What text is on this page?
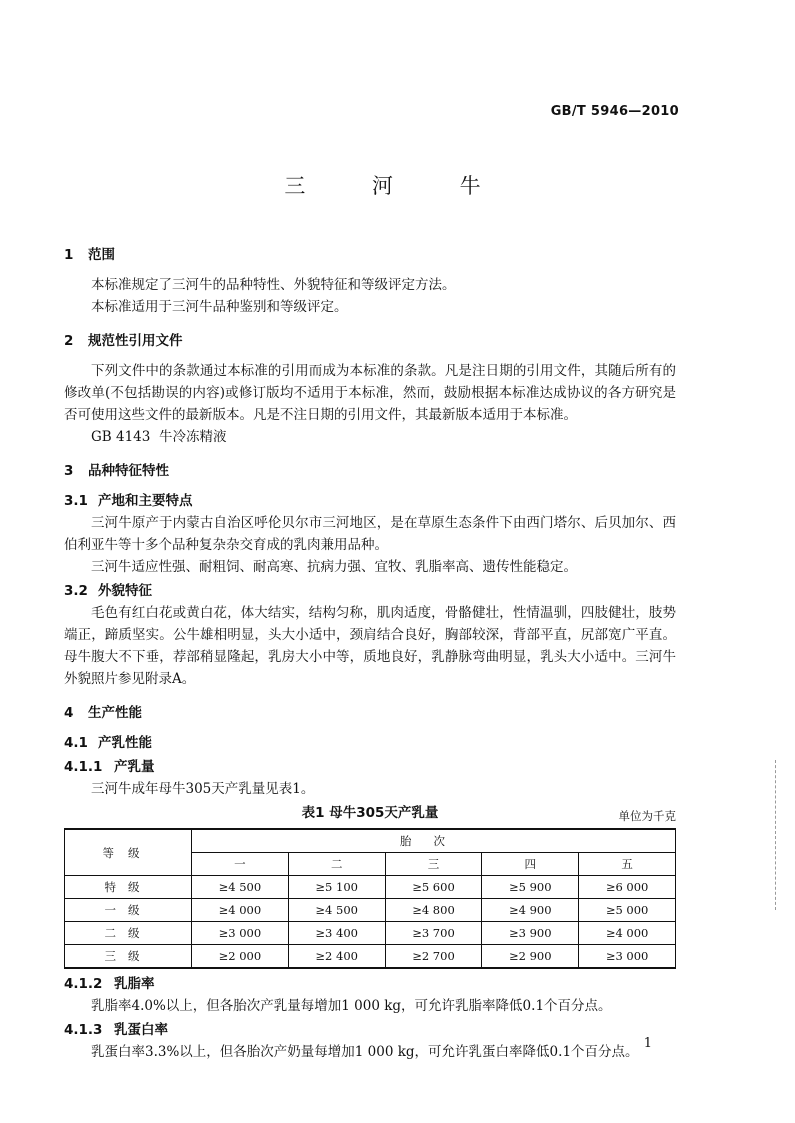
GB/T 5946—2010
三 河 牛
1 范围

本标准规定了三河牛的品种特性、外貌特征和等级评定方法。

本标准适用于三河牛品种鉴别和等级评定。

2 规范性引用文件

下列文件中的条款通过本标准的引用而成为本标准的条款。凡是注日期的引用文件，其随后所有的修改单(不包括勘误的内容)或修订版均不适用于本标准，然而，鼓励根据本标准达成协议的各方研究是否可使用这些文件的最新版本。凡是不注日期的引用文件，其最新版本适用于本标准。

GB 4143 牛冷冻精液
3 品种特征特性
3.1 产地和主要特点

三河牛原产于内蒙古自治区呼伦贝尔市三河地区，是在草原生态条件下由西门塔尔、后贝加尔、西伯利亚牛等十多个品种复杂杂交育成的乳肉兼用品种。

三河牛适应性强、耐粗饲、耐高寒、抗病力强、宜牧、乳脂率高、遗传性能稳定。

3.2 外貌特征

毛色有红白花或黄白花，体大结实，结构匀称，肌肉适度，骨骼健壮，性情温驯，四肢健壮，肢势端正，蹄质坚实。公牛雄相明显，头大小适中，颈肩结合良好，胸部较深，背部平直，尻部宽广平直。母牛腹大不下垂，荐部稍显隆起，乳房大小中等，质地良好，乳静脉弯曲明显，乳头大小适中。三河牛外貌照片参见附录A。

4 生产性能
4.1 产乳性能
4.1.1 产乳量

三河牛成年母牛305天产乳量见表1。

表1 母牛305天产乳量	单位为千克
等级	胎次				
	一	二	三	四	五
特级	≥4 500	≥5 100	≥5 600	≥5 900	≥6 000
一级	≥4 000	≥4 500	≥4 800	≥4 900	≥5 000
二级	≥3 000	≥3 400	≥3 700	≥3 900	≥4 000
三级	≥2 000	≥2 400	≥2 700	≥2 900	≥3 000
4.1.2 乳脂率

乳脂率4.0%以上，但各胎次产乳量每增加1 000 kg，可允许乳脂率降低0.1个百分点。

4.1.3 乳蛋白率

乳蛋白率3.3%以上，但各胎次产奶量每增加1 000 kg，可允许乳蛋白率降低0.1个百分点。

1
